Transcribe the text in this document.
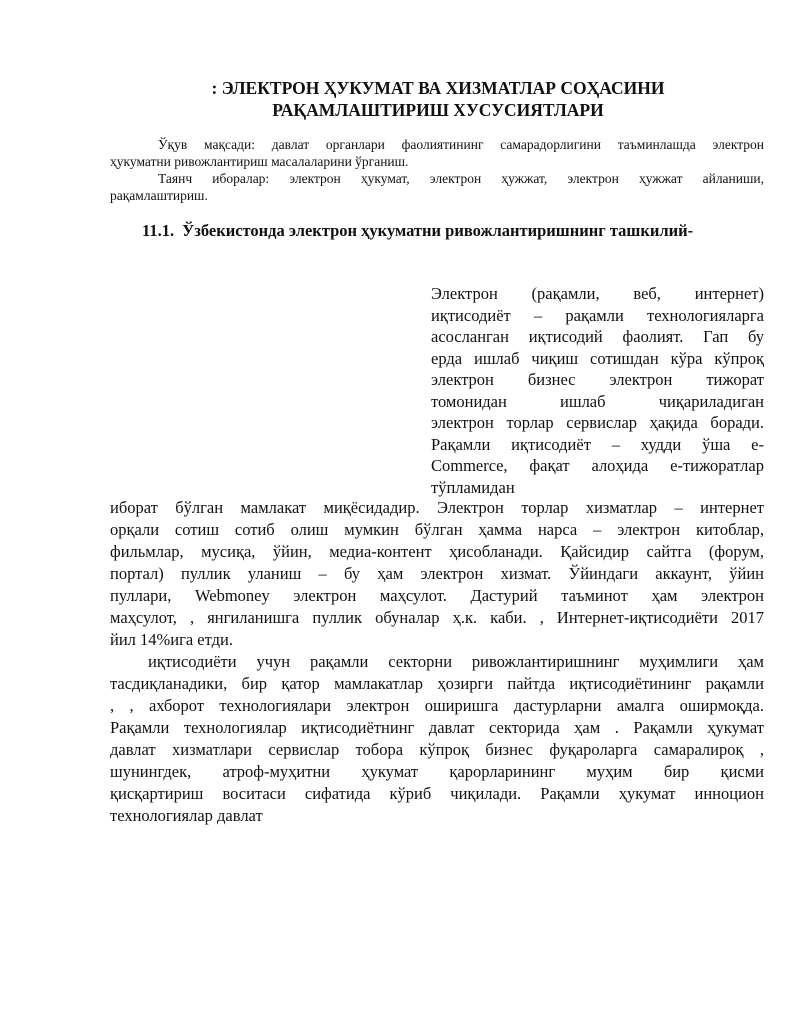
: ЭЛЕКТРОН ҲУКУМАТ ВА ХИЗМАТЛАР СОҲАСИНИ
РАҚАМЛАШТИРИШ ХУСУСИЯТЛАРИ

Ўқув мақсади: давлат органлари фаолиятининг самарадорлигини таъминлашда электрон

ҳукуматни ривожлантириш масалаларини ўрганиш.

Таянч иборалар: электрон ҳукумат, электрон ҳужжат, электрон ҳужжат айланиши,

рақамлаштириш.

11.1. Ўзбекистонда электрон ҳукуматни ривожлантиришнинг ташкилий-
Электрон (рақамли, веб, интернет)
иқтисодиёт – рақамли технологияларга
асосланган иқтисодий фаолият. Гап бу
ерда ишлаб чиқиш сотишдан кўра кўпроқ
электрон бизнес электрон тижорат
томонидан ишлаб чиқариладиган
электрон торлар сервислар ҳақида боради.
Рақамли иқтисодиёт – худди ўша e-
Commerce, фақат алоҳида e-тижоратлар
тўпламидан
иборат бўлган мамлакат миқёсидадир. Электрон торлар хизматлар – интернет
орқали сотиш сотиб олиш мумкин бўлган ҳамма нарса – электрон китоблар,
фильмлар, мусиқа, ўйин, медиа-контент ҳисобланади. Қайсидир сайтга (форум,
портал) пуллик уланиш – бу ҳам электрон хизмат. Ўйиндаги аккаунт, ўйин
пуллари, Webmoney электрон маҳсулот. Дастурий таъминот ҳам электрон
маҳсулот, , янгиланишга пуллик обуналар ҳ.к. каби. , Интернет-иқтисодиёти 2017
йил 14%ига етди.
иқтисодиёти учун рақамли секторни ривожлантиришнинг муҳимлиги ҳам
тасдиқланадики, бир қатор мамлакатлар ҳозирги пайтда иқтисодиётининг рақамли
, , ахборот технологиялари электрон оширишга дастурларни амалга оширмоқда.
Рақамли технологиялар иқтисодиётнинг давлат секторида ҳам . Рақамли ҳукумат
давлат хизматлари сервислар тобора кўпроқ бизнес фуқароларга самаралироқ ,
шунингдек, атроф-муҳитни ҳукумат қарорларининг муҳим бир қисми
қисқартириш воситаси сифатида кўриб чиқилади. Рақамли ҳукумат инноцион
технологиялар давлат
